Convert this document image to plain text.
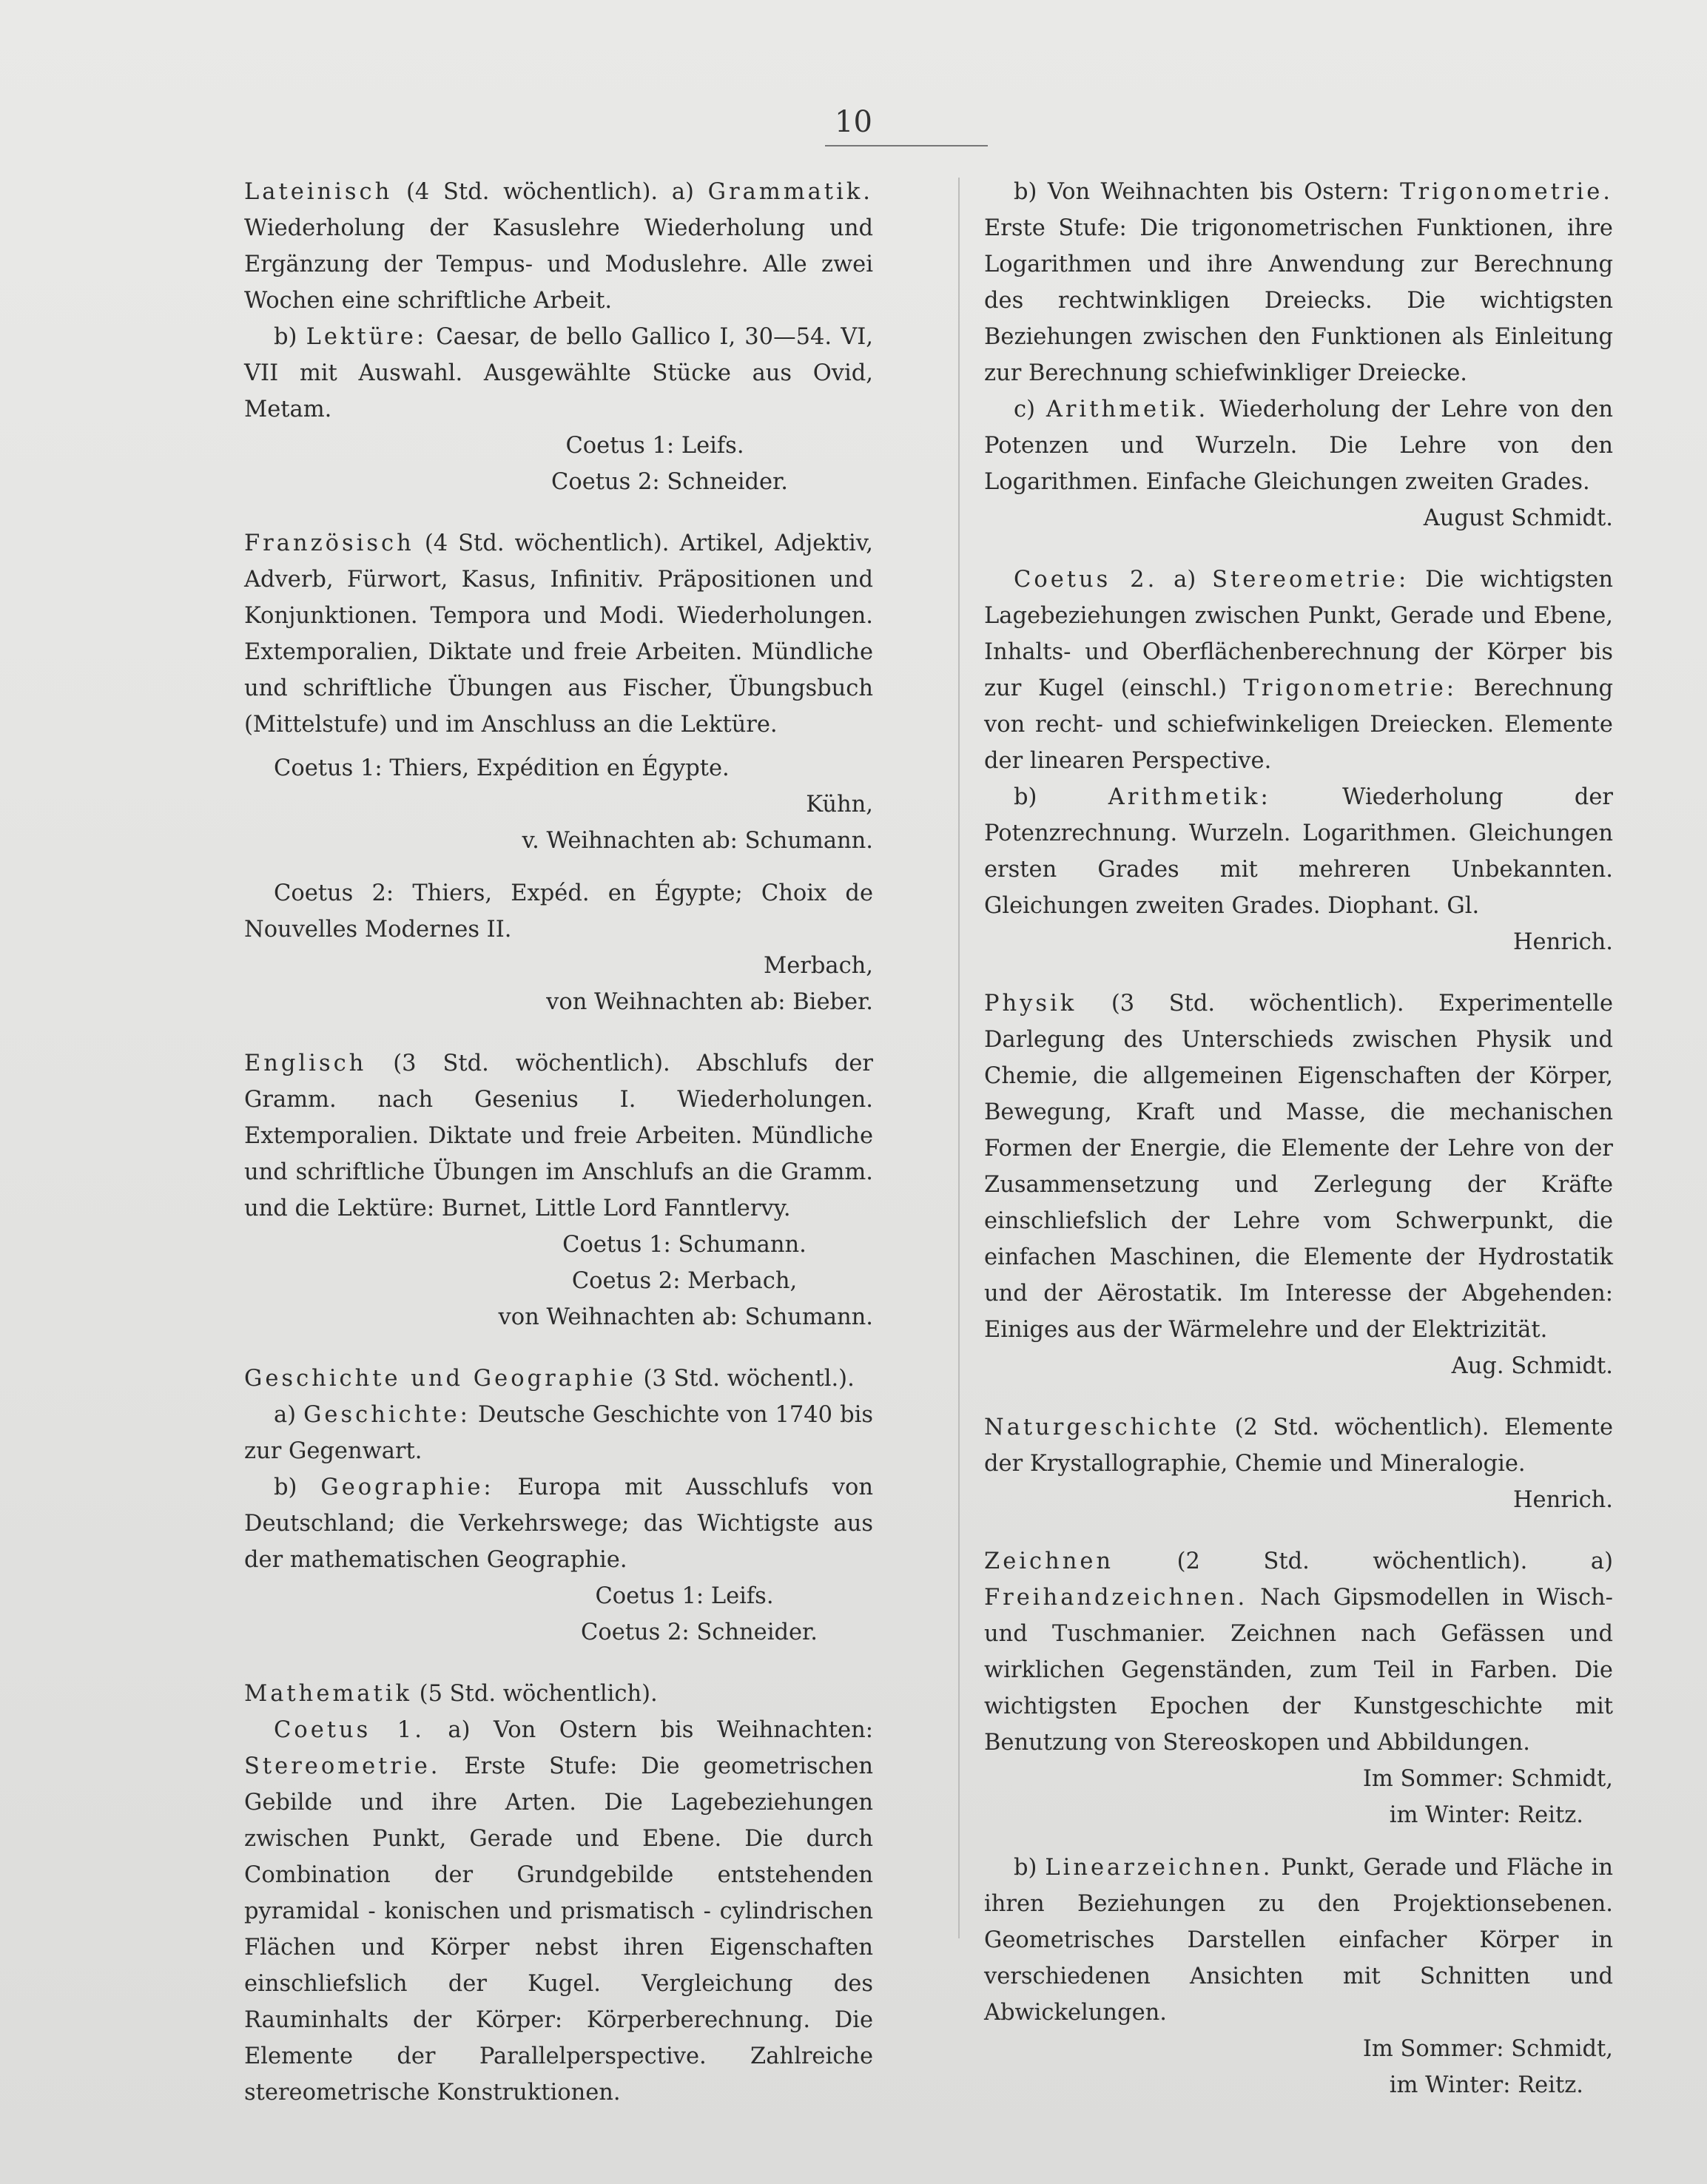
10

Lateinisch (4 Std. wöchentlich). a) Grammatik. Wiederholung der Kasuslehre Wiederholung und Ergänzung der Tempus- und Moduslehre. Alle zwei Wochen eine schriftliche Arbeit.

b) Lektüre: Caesar, de bello Gallico I, 30—54. VI, VII mit Auswahl. Ausgewählte Stücke aus Ovid, Metam.

Coetus 1: Leifs.

Coetus 2: Schneider.

Französisch (4 Std. wöchentlich). Artikel, Adjektiv, Adverb, Fürwort, Kasus, Infinitiv. Präpositionen und Konjunktionen. Tempora und Modi. Wiederholungen. Extemporalien, Diktate und freie Arbeiten. Mündliche und schriftliche Übungen aus Fischer, Übungsbuch (Mittelstufe) und im Anschluss an die Lektüre.

Coetus 1: Thiers, Expédition en Égypte.

Kühn,

v. Weihnachten ab: Schumann.

Coetus 2: Thiers, Expéd. en Égypte; Choix de Nouvelles Modernes II.

Merbach,

von Weihnachten ab: Bieber.

Englisch (3 Std. wöchentlich). Abschlufs der Gramm. nach Gesenius I. Wiederholungen. Extemporalien. Diktate und freie Arbeiten. Mündliche und schriftliche Übungen im Anschlufs an die Gramm. und die Lektüre: Burnet, Little Lord Fanntlervy.

Coetus 1: Schumann.

Coetus 2: Merbach,

von Weihnachten ab: Schumann.

Geschichte und Geographie (3 Std. wöchentl.).

a) Geschichte: Deutsche Geschichte von 1740 bis zur Gegenwart.

b) Geographie: Europa mit Ausschlufs von Deutschland; die Verkehrswege; das Wichtigste aus der mathematischen Geographie.

Coetus 1: Leifs.

Coetus 2: Schneider.

Mathematik (5 Std. wöchentlich).

Coetus 1. a) Von Ostern bis Weihnachten: Stereometrie. Erste Stufe: Die geometrischen Gebilde und ihre Arten. Die Lagebeziehungen zwischen Punkt, Gerade und Ebene. Die durch Combination der Grundgebilde entstehenden pyramidal - konischen und prismatisch - cylindrischen Flächen und Körper nebst ihren Eigenschaften einschliefslich der Kugel. Vergleichung des Rauminhalts der Körper: Körperberechnung. Die Elemente der Parallelperspective. Zahlreiche stereometrische Konstruktionen.

b) Von Weihnachten bis Ostern: Trigonometrie. Erste Stufe: Die trigonometrischen Funktionen, ihre Logarithmen und ihre Anwendung zur Berechnung des rechtwinkligen Dreiecks. Die wichtigsten Beziehungen zwischen den Funktionen als Einleitung zur Berechnung schiefwinkliger Dreiecke.

c) Arithmetik. Wiederholung der Lehre von den Potenzen und Wurzeln. Die Lehre von den Logarithmen. Einfache Gleichungen zweiten Grades.

August Schmidt.

Coetus 2. a) Stereometrie: Die wichtigsten Lagebeziehungen zwischen Punkt, Gerade und Ebene, Inhalts- und Oberflächenberechnung der Körper bis zur Kugel (einschl.) Trigonometrie: Berechnung von recht- und schiefwinkeligen Dreiecken. Elemente der linearen Perspective.

b) Arithmetik: Wiederholung der Potenzrechnung. Wurzeln. Logarithmen. Gleichungen ersten Grades mit mehreren Unbekannten. Gleichungen zweiten Grades. Diophant. Gl.

Henrich.

Physik (3 Std. wöchentlich). Experimentelle Darlegung des Unterschieds zwischen Physik und Chemie, die allgemeinen Eigenschaften der Körper, Bewegung, Kraft und Masse, die mechanischen Formen der Energie, die Elemente der Lehre von der Zusammensetzung und Zerlegung der Kräfte einschliefslich der Lehre vom Schwerpunkt, die einfachen Maschinen, die Elemente der Hydrostatik und der Aërostatik. Im Interesse der Abgehenden: Einiges aus der Wärmelehre und der Elektrizität.

Aug. Schmidt.

Naturgeschichte (2 Std. wöchentlich). Elemente der Krystallographie, Chemie und Mineralogie.

Henrich.

Zeichnen (2 Std. wöchentlich). a) Freihandzeichnen. Nach Gipsmodellen in Wisch- und Tuschmanier. Zeichnen nach Gefässen und wirklichen Gegenständen, zum Teil in Farben. Die wichtigsten Epochen der Kunstgeschichte mit Benutzung von Stereoskopen und Abbildungen.

Im Sommer: Schmidt,

im Winter: Reitz.

b) Linearzeichnen. Punkt, Gerade und Fläche in ihren Beziehungen zu den Projektionsebenen. Geometrisches Darstellen einfacher Körper in verschiedenen Ansichten mit Schnitten und Abwickelungen.

Im Sommer: Schmidt,

im Winter: Reitz.
